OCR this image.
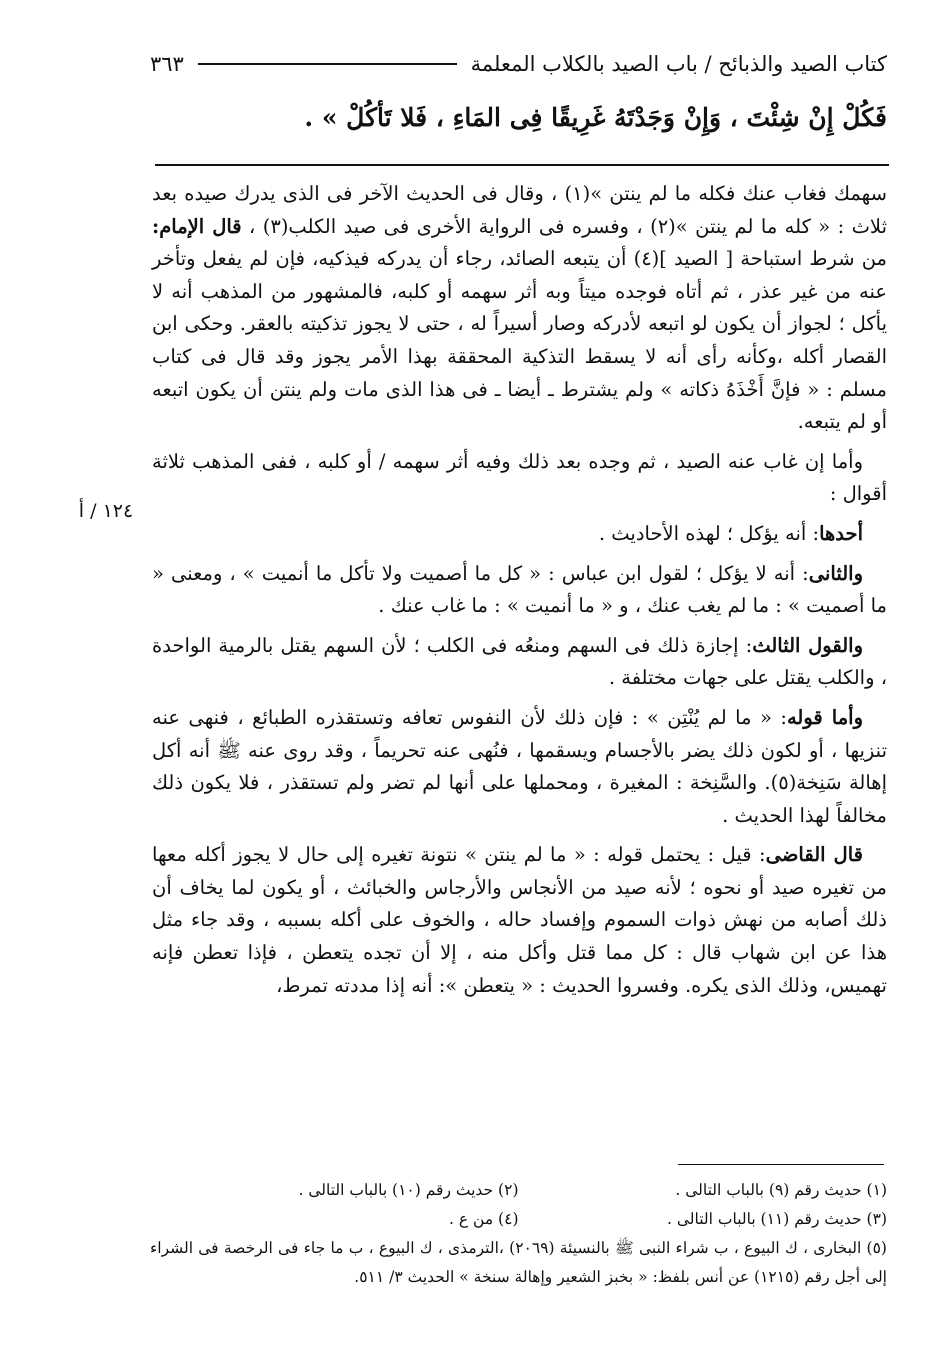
كتاب الصيد والذبائح / باب الصيد بالكلاب المعلمة
٣٦٣
فَكُلْ إِنْ شِئْتَ ، وَإِنْ وَجَدْتَهُ غَرِيقًا فِى المَاءِ ، فَلا تَأكُلْ » .
١٢٤ / أ

سهمك فغاب عنك فكله ما لم ينتن »(١) ، وقال فى الحديث الآخر فى الذى يدرك صيده بعد ثلاث : « كله ما لم ينتن »(٢) ، وفسره فى الرواية الأخرى فى صيد الكلب(٣) ، قال الإمام: من شرط استباحة [ الصيد ](٤) أن يتبعه الصائد، رجاء أن يدركه فيذكيه، فإن لم يفعل وتأخر عنه من غير عذر ، ثم أتاه فوجده ميتاً وبه أثر سهمه أو كلبه، فالمشهور من المذهب أنه لا يأكل ؛ لجواز أن يكون لو اتبعه لأدركه وصار أسيراً له ، حتى لا يجوز تذكيته بالعقر. وحكى ابن القصار أكله ،وكأنه رأى أنه لا يسقط التذكية المحققة بهذا الأمر يجوز وقد قال فى كتاب مسلم : « فإنَّ أَخْذَهُ ذكاته » ولم يشترط ـ أيضا ـ فى هذا الذى مات ولم ينتن أن يكون اتبعه أو لم يتبعه.

وأما إن غاب عنه الصيد ، ثم وجده بعد ذلك وفيه أثر سهمه / أو كلبه ، ففى المذهب ثلاثة أقوال :

أحدها: أنه يؤكل ؛ لهذه الأحاديث .

والثانى: أنه لا يؤكل ؛ لقول ابن عباس : « كل ما أصميت ولا تأكل ما أنميت » ، ومعنى « ما أصميت » : ما لم يغب عنك ، و « ما أنميت » : ما غاب عنك .

والقول الثالث: إجازة ذلك فى السهم ومنعُه فى الكلب ؛ لأن السهم يقتل بالرمية الواحدة ، والكلب يقتل على جهات مختلفة .

وأما قوله: « ما لم يُنْتِن » : فإن ذلك لأن النفوس تعافه وتستقذره الطبائع ، فنهى عنه تنزيها ، أو لكون ذلك يضر بالأجسام ويسقمها ، فنُهى عنه تحريماً ، وقد روى عنه ﷺ أنه أكل إهالة سَنِخة(٥). والسَّنِخة : المغيرة ، ومحملها على أنها لم تضر ولم تستقذر ، فلا يكون ذلك مخالفاً لهذا الحديث .

قال القاضى: قيل : يحتمل قوله : « ما لم ينتن » نتونة تغيره إلى حال لا يجوز أكله معها من تغيره صيد أو نحوه ؛ لأنه صيد من الأنجاس والأرجاس والخبائث ، أو يكون لما يخاف أن ذلك أصابه من نهش ذوات السموم وإفساد حاله ، والخوف على أكله بسببه ، وقد جاء مثل هذا عن ابن شهاب قال : كل مما قتل وأكل منه ، إلا أن تجده يتعطن ، فإذا تعطن فإنه تهميس، وذلك الذى يكره. وفسروا الحديث : « يتعطن »: أنه إذا مددته تمرط،

(١) حديث رقم (٩) بالباب التالى .
(٢) حديث رقم (١٠) بالباب التالى .
(٣) حديث رقم (١١) بالباب التالى .
(٤) من ع .
(٥) البخارى ، ك البيوع ، ب شراء النبى ﷺ بالنسيئة (٢٠٦٩) ،الترمذى ، ك البيوع ، ب ما جاء فى الرخصة فى الشراء إلى أجل رقم (١٢١٥) عن أنس بلفظ: « بخبز الشعير وإهالة سنخة » الحديث ٣/ ٥١١.
